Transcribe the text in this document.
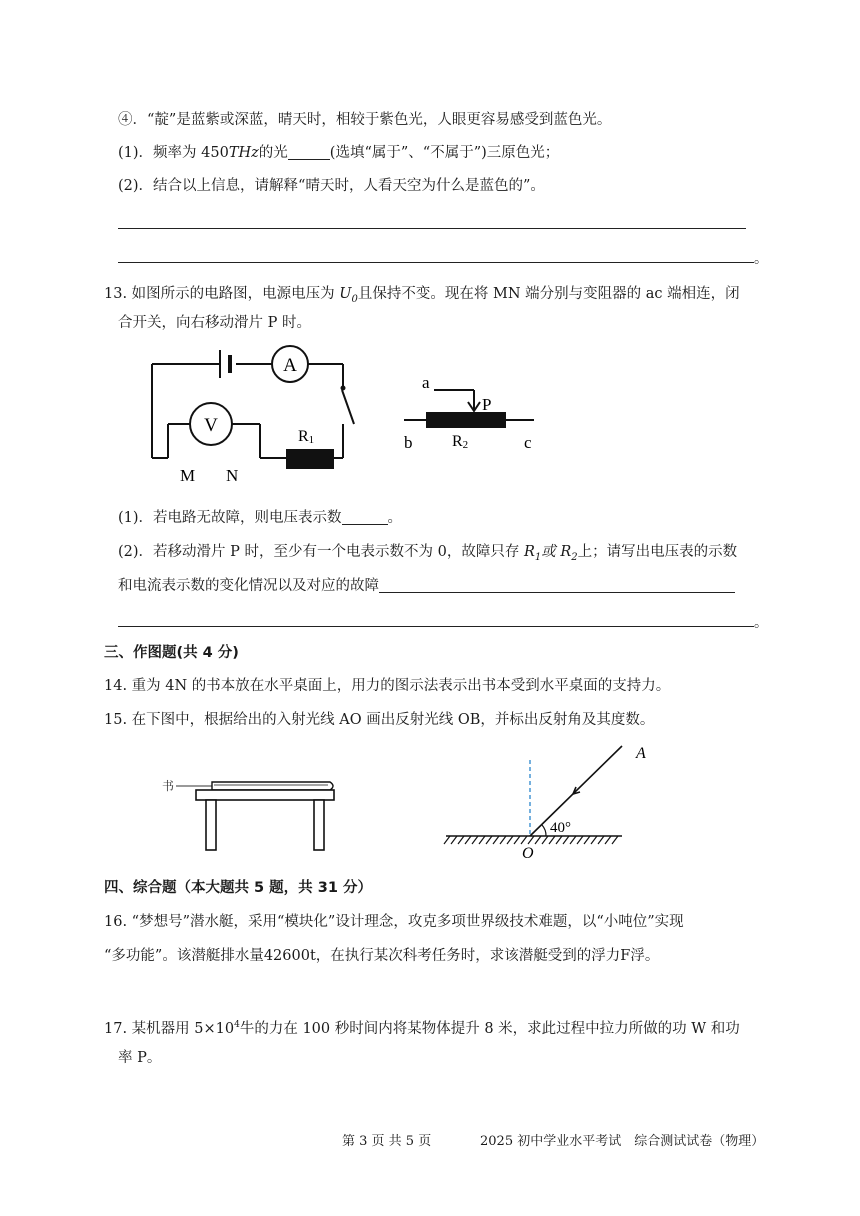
④．“靛”是蓝紫或深蓝，晴天时，相较于紫色光，人眼更容易感受到蓝色光。
(1)．频率为 450THz的光	(选填“属于”、“不属于”)三原色光；
(2)．结合以上信息，请解释“晴天时，人看天空为什么是蓝色的”。
。
13. 如图所示的电路图，电源电压为 $U_0$且保持不变。现在将 MN 端分别与变阻器的 ac 端相连，闭
合开关，向右移动滑片 P 时。
A
V
R1
M N
a
P
b R2	c
(1)．若电路无故障，则电压表示数	。
(2)．若移动滑片 P 时，至少有一个电表示数不为 0，故障只存 $R_1$或 $R_2$上；请写出电压表的示数
和电流表示数的变化情况以及对应的故障
。
三、作图题(共 4 分)
14. 重为 4N 的书本放在水平桌面上，用力的图示法表示出书本受到水平桌面的支持力。
15. 在下图中，根据给出的入射光线 AO 画出反射光线 OB，并标出反射角及其度数。
书
A
40°
O
四、综合题（本大题共 5 题，共 31 分）
16. “梦想号”潜水艇，采用“模块化”设计理念，攻克多项世界级技术难题，以“小吨位”实现
“多功能”。该潜艇排水量42600t，在执行某次科考任务时，求该潜艇受到的浮力F浮。
17. 某机器用 $5\times 10^4$牛的力在 100 秒时间内将某物体提升 8 米，求此过程中拉力所做的功 W 和功
率 P。
第 3 页 共 5 页	2025 初中学业水平考试　综合测试试卷（物理）
